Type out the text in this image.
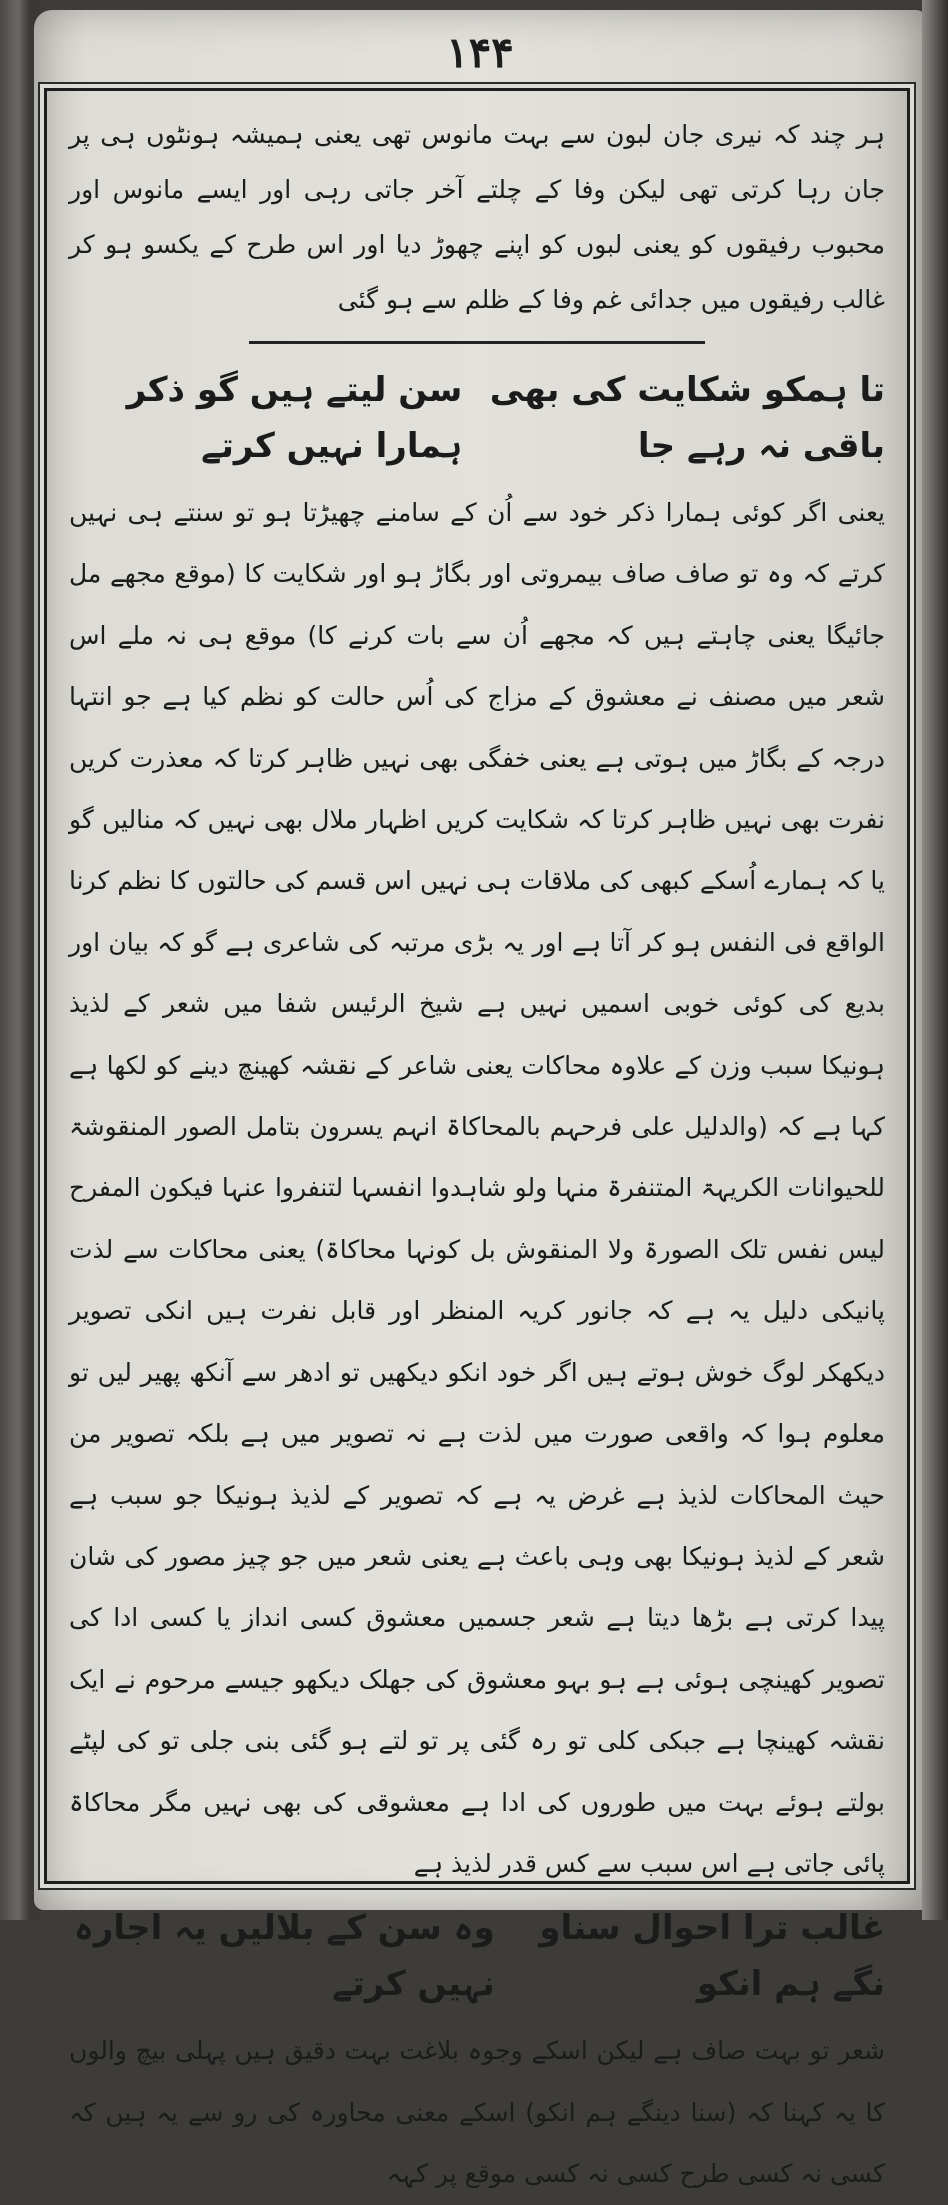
۱۴۴

ہر چند کہ نیری جان لبون سے بہت مانوس تھی یعنی ہمیشہ ہونٹوں ہی پر جان رہا کرتی تھی لیکن وفا کے چلتے آخر جاتی رہی اور ایسے مانوس اور محبوب رفیقوں کو یعنی لبوں کو اپنے چھوڑ دیا اور اس طرح کے یکسو ہو کر غالب رفیقوں میں جدائی غم وفا کے ظلم سے ہو گئی

تا ہمکو شکایت کی بھی باقی نہ رہے جا
سن لیتے ہیں گو ذکر ہمارا نہیں کرتے

یعنی اگر کوئی ہمارا ذکر خود سے اُن کے سامنے چھیڑتا ہو تو سنتے ہی نہیں کرتے کہ وہ تو صاف صاف بیمروتی اور بگاڑ ہو اور شکایت کا (موقع مجھے مل جائیگا یعنی چاہتے ہیں کہ مجھے اُن سے بات کرنے کا) موقع ہی نہ ملے اس شعر میں مصنف نے معشوق کے مزاج کی اُس حالت کو نظم کیا ہے جو انتہا درجہ کے بگاڑ میں ہوتی ہے یعنی خفگی بھی نہیں ظاہر کرتا کہ معذرت کریں نفرت بھی نہیں ظاہر کرتا کہ شکایت کریں اظہار ملال بھی نہیں کہ منالیں گو یا کہ ہمارے اُسکے کبھی کی ملاقات ہی نہیں اس قسم کی حالتوں کا نظم کرنا الواقع فی النفس ہو کر آتا ہے اور یہ بڑی مرتبہ کی شاعری ہے گو کہ بیان اور بدیع کی کوئی خوبی اسمیں نہیں ہے شیخ الرئیس شفا میں شعر کے لذیذ ہونیکا سبب وزن کے علاوہ محاکات یعنی شاعر کے نقشہ کھینچ دینے کو لکھا ہے کہا ہے کہ (والدلیل علی فرحہم بالمحاکاۃ انہم یسرون بتامل الصور المنقوشۃ للحیوانات الکریہۃ المتنفرۃ منہا ولو شاہدوا انفسہا لتنفروا عنہا فیکون المفرح لیس نفس تلک الصورۃ ولا المنقوش بل کونہا محاکاۃ) یعنی محاکات سے لذت پانیکی دلیل یہ ہے کہ جانور کریہ المنظر اور قابل نفرت ہیں انکی تصویر دیکھکر لوگ خوش ہوتے ہیں اگر خود انکو دیکھیں تو ادھر سے آنکھ پھیر لیں تو معلوم ہوا کہ واقعی صورت میں لذت ہے نہ تصویر میں ہے بلکہ تصویر من حیث المحاکات لذیذ ہے غرض یہ ہے کہ تصویر کے لذیذ ہونیکا جو سبب ہے شعر کے لذیذ ہونیکا بھی وہی باعث ہے یعنی شعر میں جو چیز مصور کی شان پیدا کرتی ہے بڑھا دیتا ہے شعر جسمیں معشوق کسی انداز یا کسی ادا کی تصویر کھینچی ہوئی ہے ہو بہو معشوق کی جھلک دیکھو جیسے مرحوم نے ایک نقشہ کھینچا ہے جبکی کلی تو رہ گئی پر تو لتے ہو گئی بنی جلی تو کی لپٹے بولتے ہوئے بہت میں طوروں کی ادا ہے معشوقی کی بھی نہیں مگر محاکاۃ پائی جاتی ہے اس سبب سے کس قدر لذیذ ہے

غالب ترا احوال سناو نگے ہم انکو
وہ سن کے بلالیں یہ اجارہ نہیں کرتے

شعر تو بہت صاف ہے لیکن اسکے وجوہ بلاغت بہت دقیق ہیں پہلی بیچ والوں کا یہ کہنا کہ (سنا دینگے ہم انکو) اسکے معنی محاورہ کی رو سے یہ ہیں کہ کسی نہ کسی طرح کسی نہ کسی موقع پر کہہ
